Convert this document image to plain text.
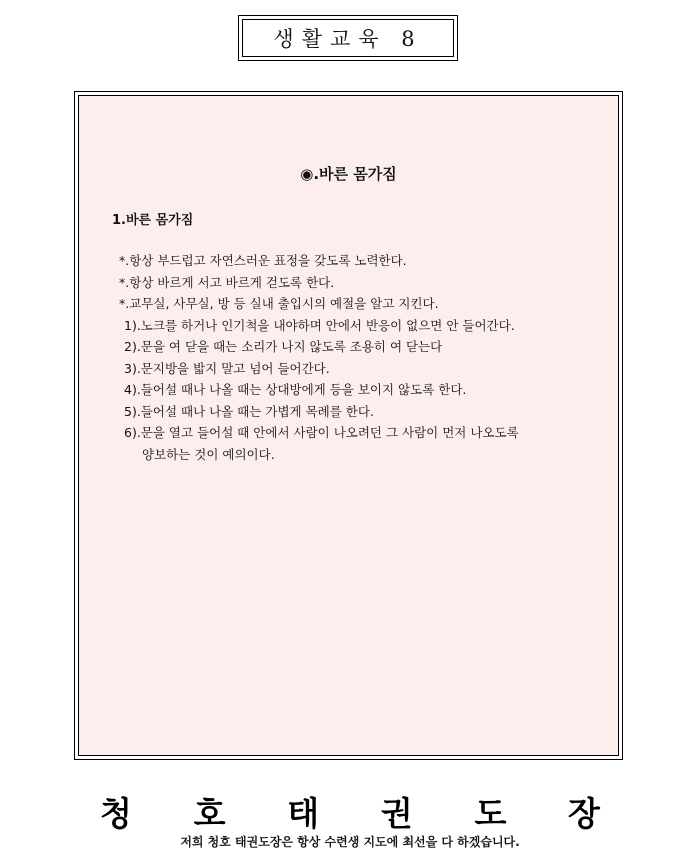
생활교육 8
◉.바른 몸가짐
1.바른 몸가짐
*.항상 부드럽고 자연스러운 표정을 갖도록 노력한다.
*.항상 바르게 서고 바르게 걷도록 한다.
*.교무실, 사무실, 방 등 실내 출입시의 예절을 알고 지킨다.
1).노크를 하거나 인기척을 내야하며 안에서 반응이 없으면 안 들어간다.
2).문을 여 닫을 때는 소리가 나지 않도록 조용히 여 닫는다
3).문지방을 밟지 말고 넘어 들어간다.
4).들어설 때나 나올 때는 상대방에게 등을 보이지 않도록 한다.
5).들어설 때나 나올 때는 가볍게 목례를 한다.
6).문을 열고 들어설 때 안에서 사람이 나오려던 그 사람이 먼저 나오도록
양보하는 것이 예의이다.
청 호 태 권 도 장
저희 청호 태권도장은 항상 수련생 지도에 최선을 다 하겠습니다.
